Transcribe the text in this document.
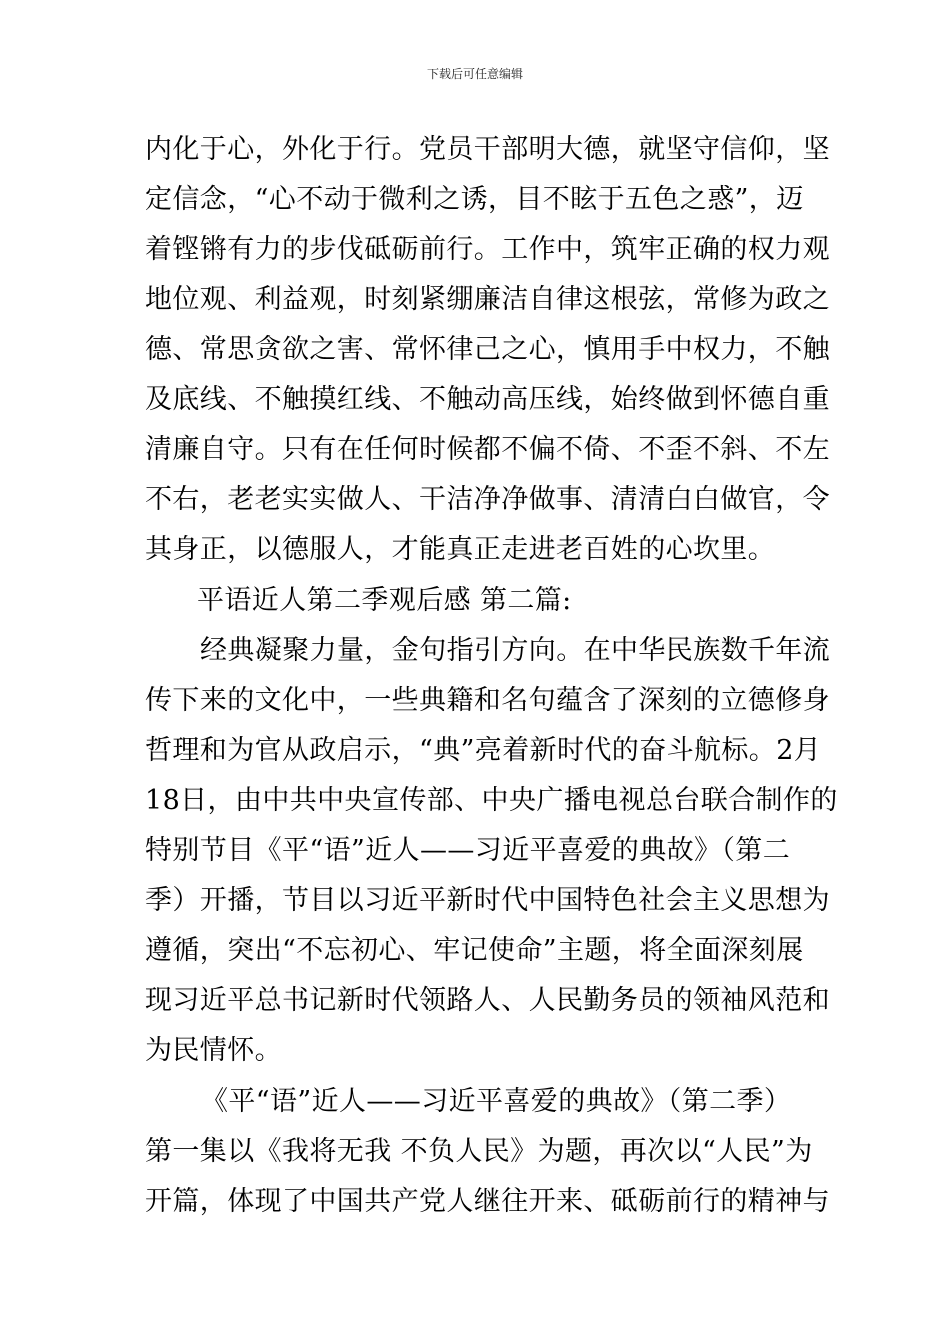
下载后可任意编辑
内化于心，外化于行。党员干部明大德，就坚守信仰，坚
定信念，“心不动于微利之诱，目不眩于五色之惑”，迈
着铿锵有力的步伐砥砺前行。工作中，筑牢正确的权力观
地位观、利益观，时刻紧绷廉洁自律这根弦，常修为政之
德、常思贪欲之害、常怀律己之心，慎用手中权力，不触
及底线、不触摸红线、不触动高压线，始终做到怀德自重
清廉自守。只有在任何时候都不偏不倚、不歪不斜、不左
不右，老老实实做人、干洁净净做事、清清白白做官，令
其身正，以德服人，才能真正走进老百姓的心坎里。
平语近人第二季观后感 第二篇:
经典凝聚力量，金句指引方向。在中华民族数千年流
传下来的文化中，一些典籍和名句蕴含了深刻的立德修身
哲理和为官从政启示，“典”亮着新时代的奋斗航标。2月
18日，由中共中央宣传部、中央广播电视总台联合制作的
特别节目《平“语”近人——习近平喜爱的典故》（第二
季）开播，节目以习近平新时代中国特色社会主义思想为
遵循，突出“不忘初心、牢记使命”主题，将全面深刻展
现习近平总书记新时代领路人、人民勤务员的领袖风范和
为民情怀。
《平“语”近人——习近平喜爱的典故》（第二季）
第一集以《我将无我 不负人民》为题，再次以“人民”为
开篇，体现了中国共产党人继往开来、砥砺前行的精神与
